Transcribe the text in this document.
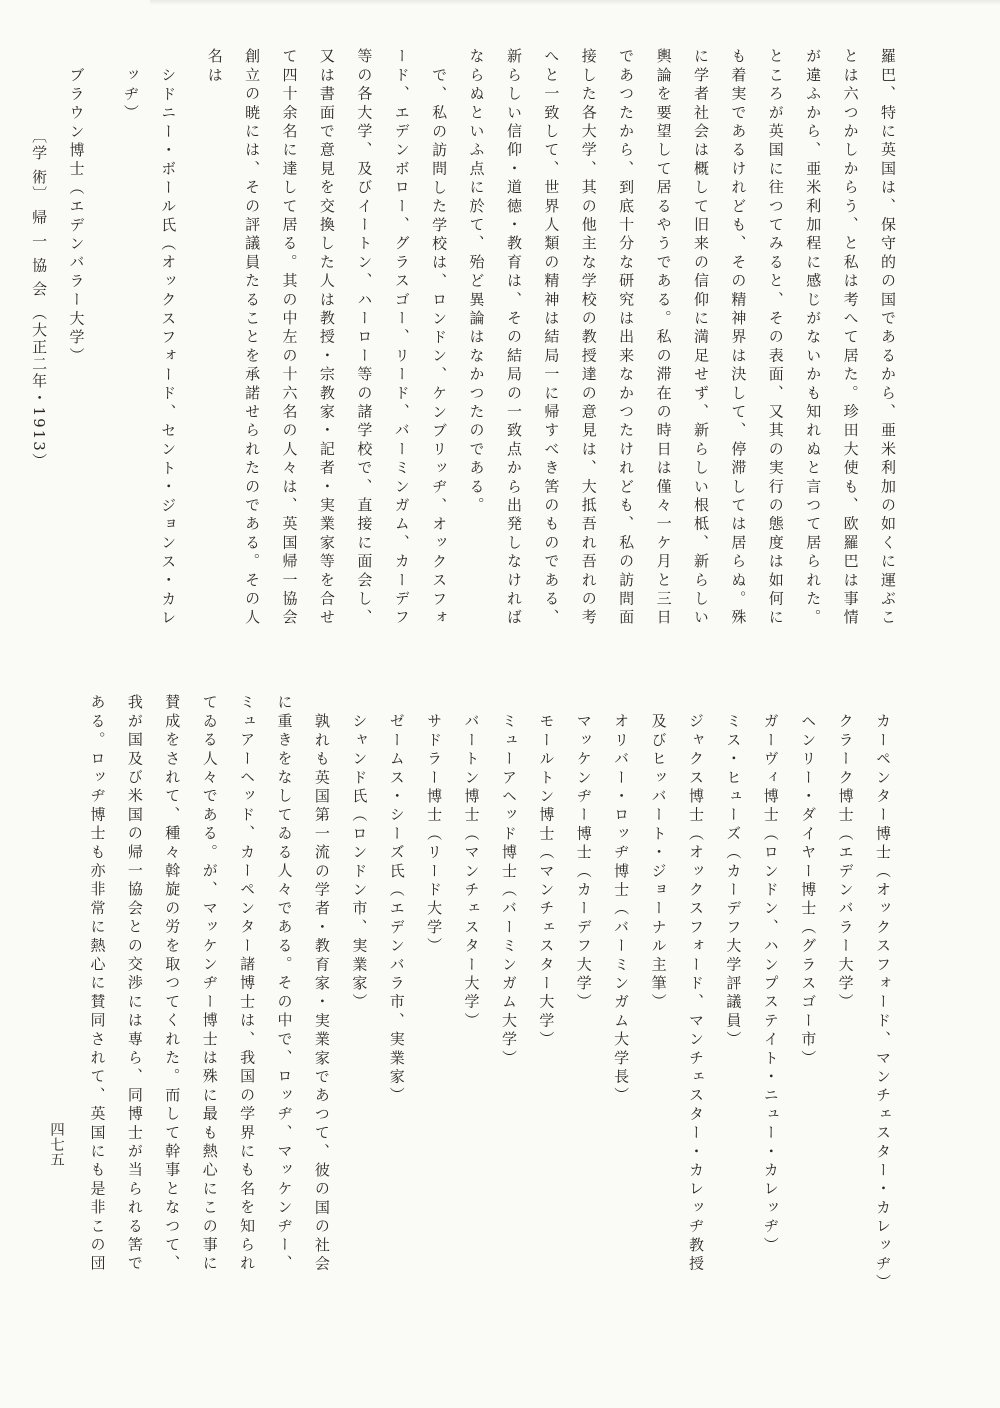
羅巴、特に英国は、保守的の国であるから、亜米利加の如くに運ぶこ
とは六つかしからう、と私は考へて居た。珍田大使も、欧羅巴は事情
が違ふから、亜米利加程に感じがないかも知れぬと言つて居られた。
ところが英国に往つてみると、その表面、又其の実行の態度は如何に
も着実であるけれども、その精神界は決して、停滞しては居らぬ。殊
に学者社会は概して旧来の信仰に満足せず、新らしい根柢、新らしい
輿論を要望して居るやうである。私の滞在の時日は僅々一ケ月と三日
であつたから、到底十分な研究は出来なかつたけれども、私の訪問面
接した各大学、其の他主な学校の教授達の意見は、大抵吾れ吾れの考
へと一致して、世界人類の精神は結局一に帰すべき筈のものである、
新らしい信仰・道徳・教育は、その結局の一致点から出発しなければ
ならぬといふ点に於て、殆ど異論はなかつたのである。
で、私の訪問した学校は、ロンドン、ケンブリッヂ、オックスフォ
ード、エデンボロー、グラスゴー、リード、バーミンガム、カーデフ
等の各大学、及びイートン、ハーロー等の諸学校で、直接に面会し、
又は書面で意見を交換した人は教授・宗教家・記者・実業家等を合せ
て四十余名に達して居る。其の中左の十六名の人々は、英国帰一協会
創立の暁には、その評議員たることを承諾せられたのである。その人
名は
シドニー・ボール氏（オックスフォード、セント・ジョンス・カレ
ッヂ）
ブラウン博士（エデンバラー大学）
〔学 術〕 帰 一 協 会 （大正二年・1913）
カーペンター博士（オックスフォード、マンチェスター・カレッヂ）
クラーク博士（エデンバラー大学）
ヘンリー・ダイヤー博士（グラスゴー市）
ガーヴィ博士（ロンドン、ハンプステイト・ニュー・カレッヂ）
ミス・ヒューズ（カーデフ大学評議員）
ジャクス博士（オックスフォード、マンチェスター・カレッヂ教授
及びヒッバート・ジョーナル主筆）
オリバー・ロッヂ博士（バーミンガム大学長）
マッケンヂー博士（カーデフ大学）
モールトン博士（マンチェスター大学）
ミューアヘッド博士（バーミンガム大学）
バートン博士（マンチェスター大学）
サドラー博士（リード大学）
ゼームス・シーズ氏（エデンバラ市、実業家）
シャンド氏（ロンドン市、実業家）
孰れも英国第一流の学者・教育家・実業家であつて、彼の国の社会
に重きをなしてゐる人々である。その中で、ロッヂ、マッケンヂー、
ミュアーヘッド、カーペンター諸博士は、我国の学界にも名を知られ
てゐる人々である。が、マッケンヂー博士は殊に最も熱心にこの事に
賛成をされて、種々斡旋の労を取つてくれた。而して幹事となつて、
我が国及び米国の帰一協会との交渉には専ら、同博士が当られる筈で
ある。ロッヂ博士も亦非常に熱心に賛同されて、英国にも是非この団
四七五
